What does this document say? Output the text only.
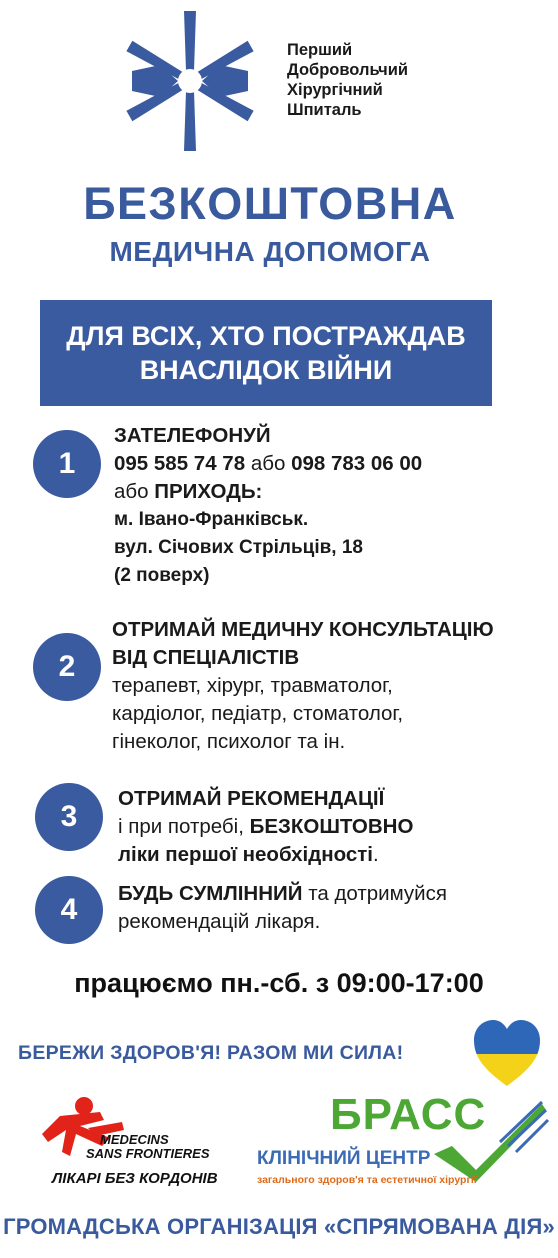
Перший
Добровольчий
Хірургічний
Шпиталь
БЕЗКОШТОВНА
МЕДИЧНА ДОПОМОГА
ДЛЯ ВСІХ, ХТО ПОСТРАЖДАВ
ВНАСЛІДОК ВІЙНИ
1
ЗАТЕЛЕФОНУЙ
095 585 74 78 або 098 783 06 00
або ПРИХОДЬ:
м. Івано-Франківськ.
вул. Січових Стрільців, 18
(2 поверх)
2
ОТРИМАЙ МЕДИЧНУ КОНСУЛЬТАЦІЮ
ВІД СПЕЦІАЛІСТІВ
терапевт, хірург, травматолог,
кардіолог, педіатр, стоматолог,
гінеколог, психолог та ін.
3
ОТРИМАЙ РЕКОМЕНДАЦІЇ
і при потребі, БЕЗКОШТОВНО
ліки першої необхідності.
4	БУДЬ СУМЛІННИЙ та дотримуйся
рекомендацій лікаря.
працюємо пн.-сб. з 09:00-17:00
БЕРЕЖИ ЗДОРОВ'Я! РАЗОМ МИ СИЛА!
MEDECINS
SANS FRONTIERES
ЛІКАРІ БЕЗ КОРДОНІВ
БРАСС
КЛІНІЧНИЙ ЦЕНТР
загального здоров'я та естетичної хірургії
ГРОМАДСЬКА ОРГАНІЗАЦІЯ «СПРЯМОВАНА ДІЯ»
